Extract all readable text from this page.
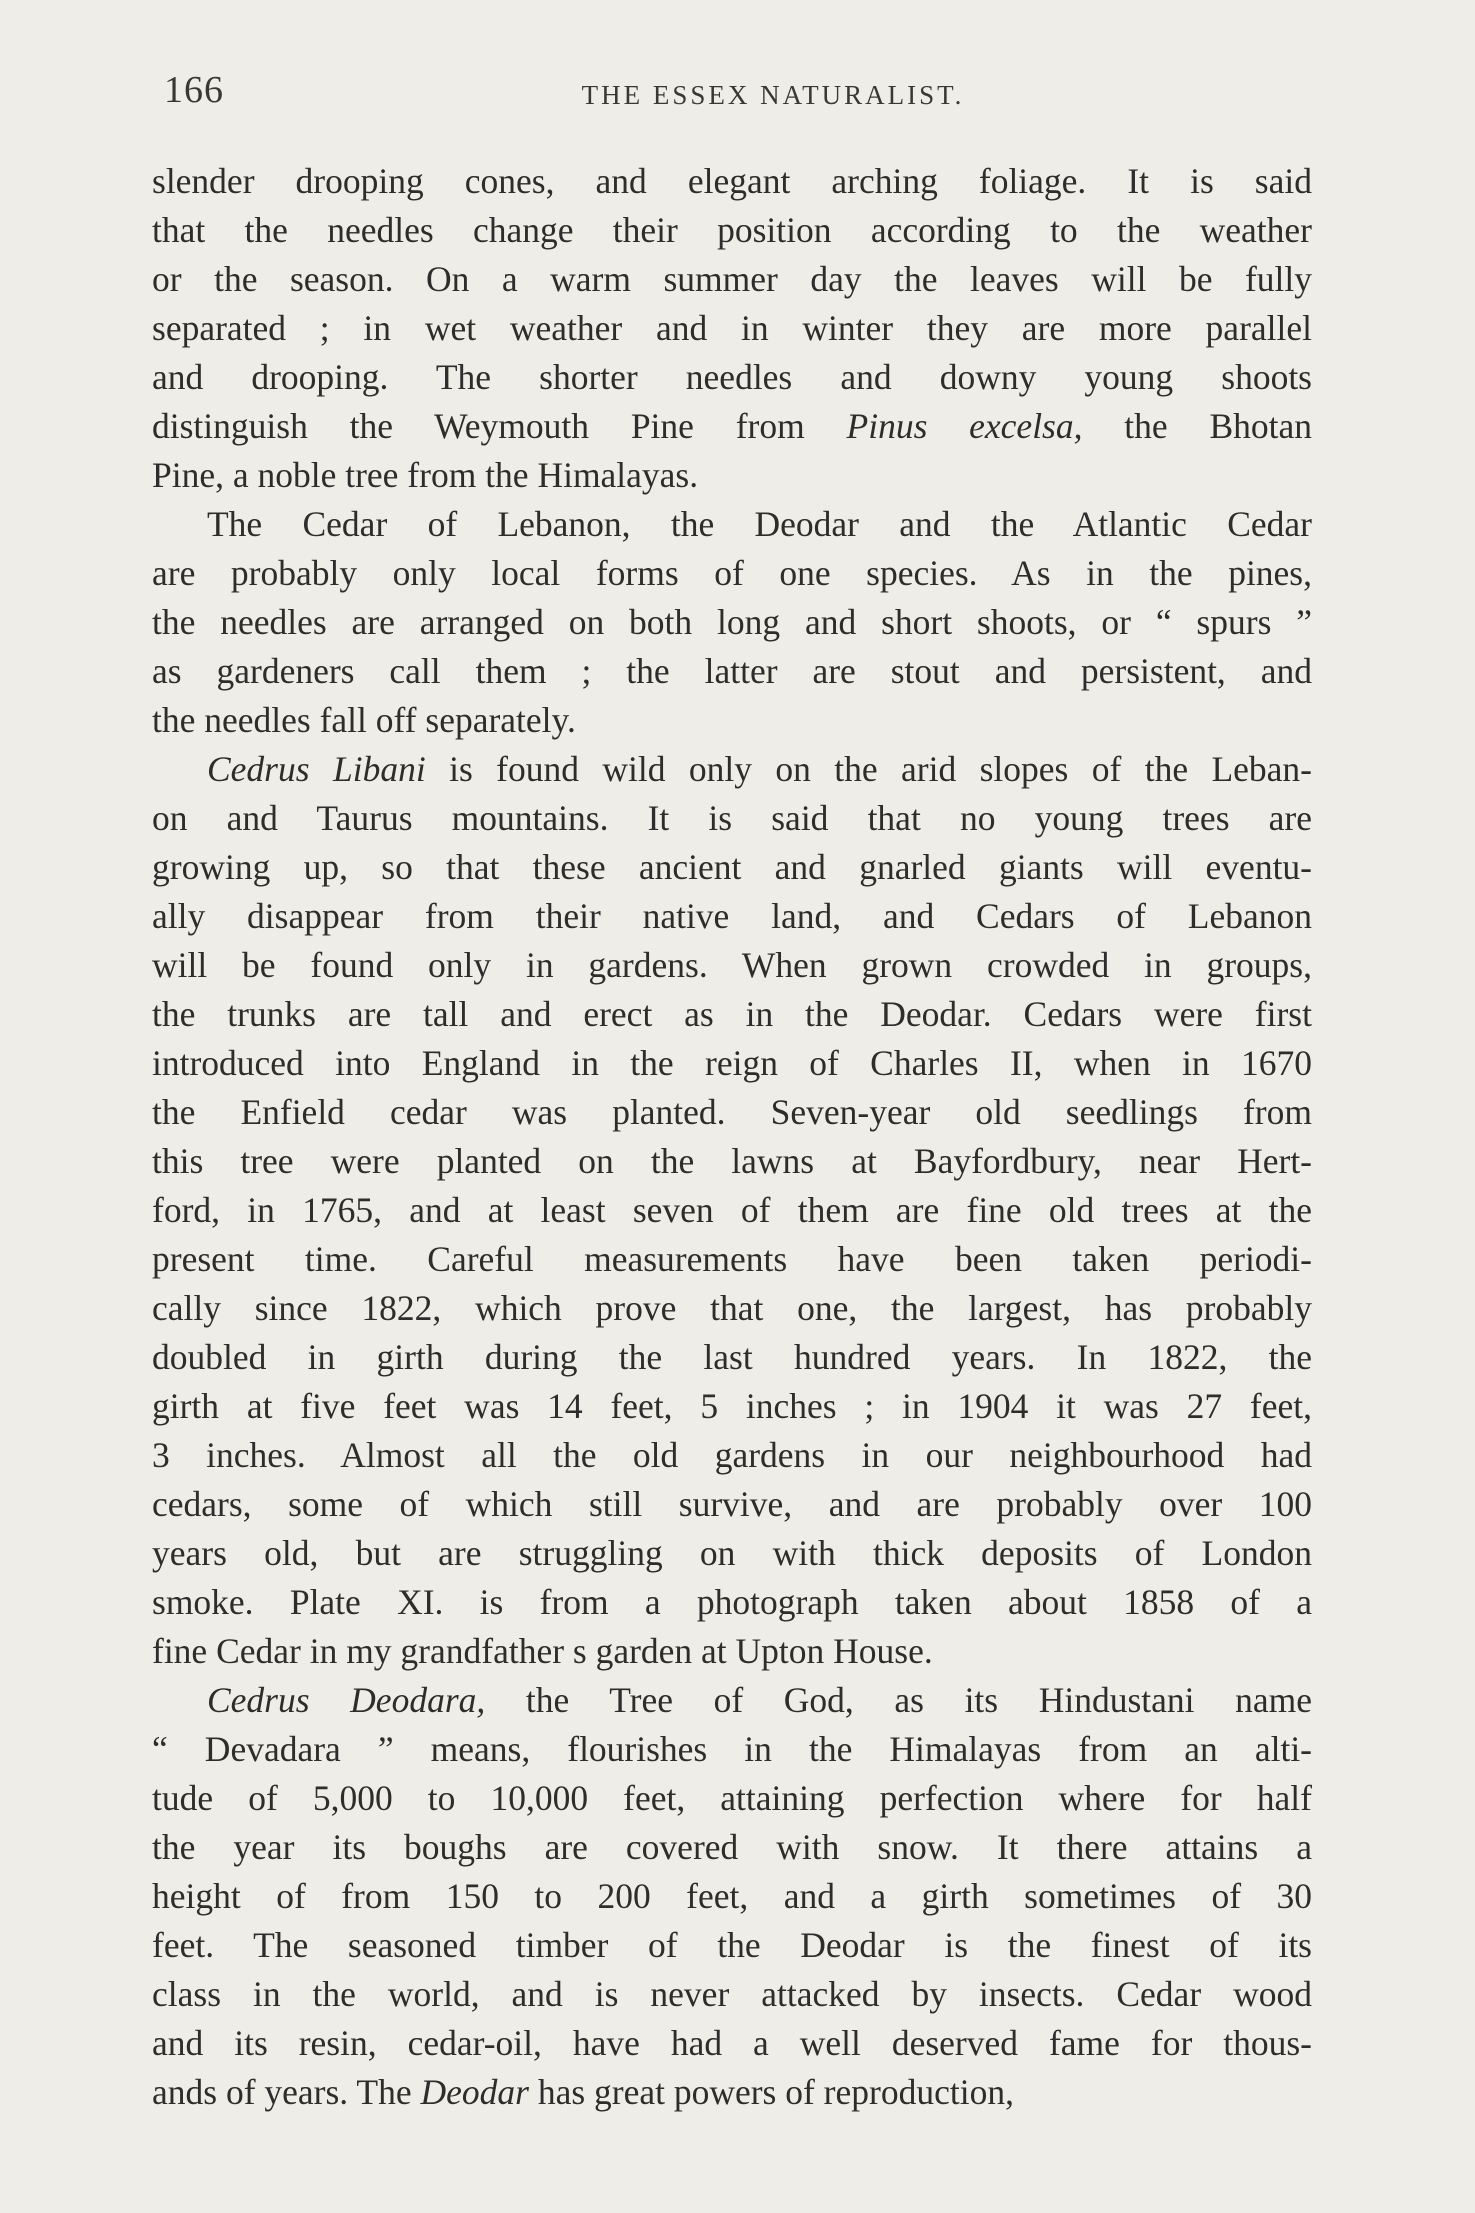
166	THE ESSEX NATURALIST.
slender drooping cones, and elegant arching foliage. It is said
that the needles change their position according to the weather
or the season. On a warm summer day the leaves will be fully
separated ; in wet weather and in winter they are more parallel
and drooping. The shorter needles and downy young shoots
distinguish the Weymouth Pine from Pinus excelsa, the Bhotan
Pine, a noble tree from the Himalayas.
The Cedar of Lebanon, the Deodar and the Atlantic Cedar
are probably only local forms of one species. As in the pines,
the needles are arranged on both long and short shoots, or “ spurs ”
as gardeners call them ; the latter are stout and persistent, and
the needles fall off separately.
Cedrus Libani is found wild only on the arid slopes of the Leban-
on and Taurus mountains. It is said that no young trees are
growing up, so that these ancient and gnarled giants will eventu-
ally disappear from their native land, and Cedars of Lebanon
will be found only in gardens. When grown crowded in groups,
the trunks are tall and erect as in the Deodar. Cedars were first
introduced into England in the reign of Charles II, when in 1670
the Enfield cedar was planted. Seven-year old seedlings from
this tree were planted on the lawns at Bayfordbury, near Hert-
ford, in 1765, and at least seven of them are fine old trees at the
present time. Careful measurements have been taken periodi-
cally since 1822, which prove that one, the largest, has probably
doubled in girth during the last hundred years. In 1822, the
girth at five feet was 14 feet, 5 inches ; in 1904 it was 27 feet,
3 inches. Almost all the old gardens in our neighbourhood had
cedars, some of which still survive, and are probably over 100
years old, but are struggling on with thick deposits of London
smoke. Plate XI. is from a photograph taken about 1858 of a
fine Cedar in my grandfather s garden at Upton House.
Cedrus Deodara, the Tree of God, as its Hindustani name
“ Devadara ” means, flourishes in the Himalayas from an alti-
tude of 5,000 to 10,000 feet, attaining perfection where for half
the year its boughs are covered with snow. It there attains a
height of from 150 to 200 feet, and a girth sometimes of 30
feet. The seasoned timber of the Deodar is the finest of its
class in the world, and is never attacked by insects. Cedar wood
and its resin, cedar-oil, have had a well deserved fame for thous-
ands of years. The Deodar has great powers of reproduction,
